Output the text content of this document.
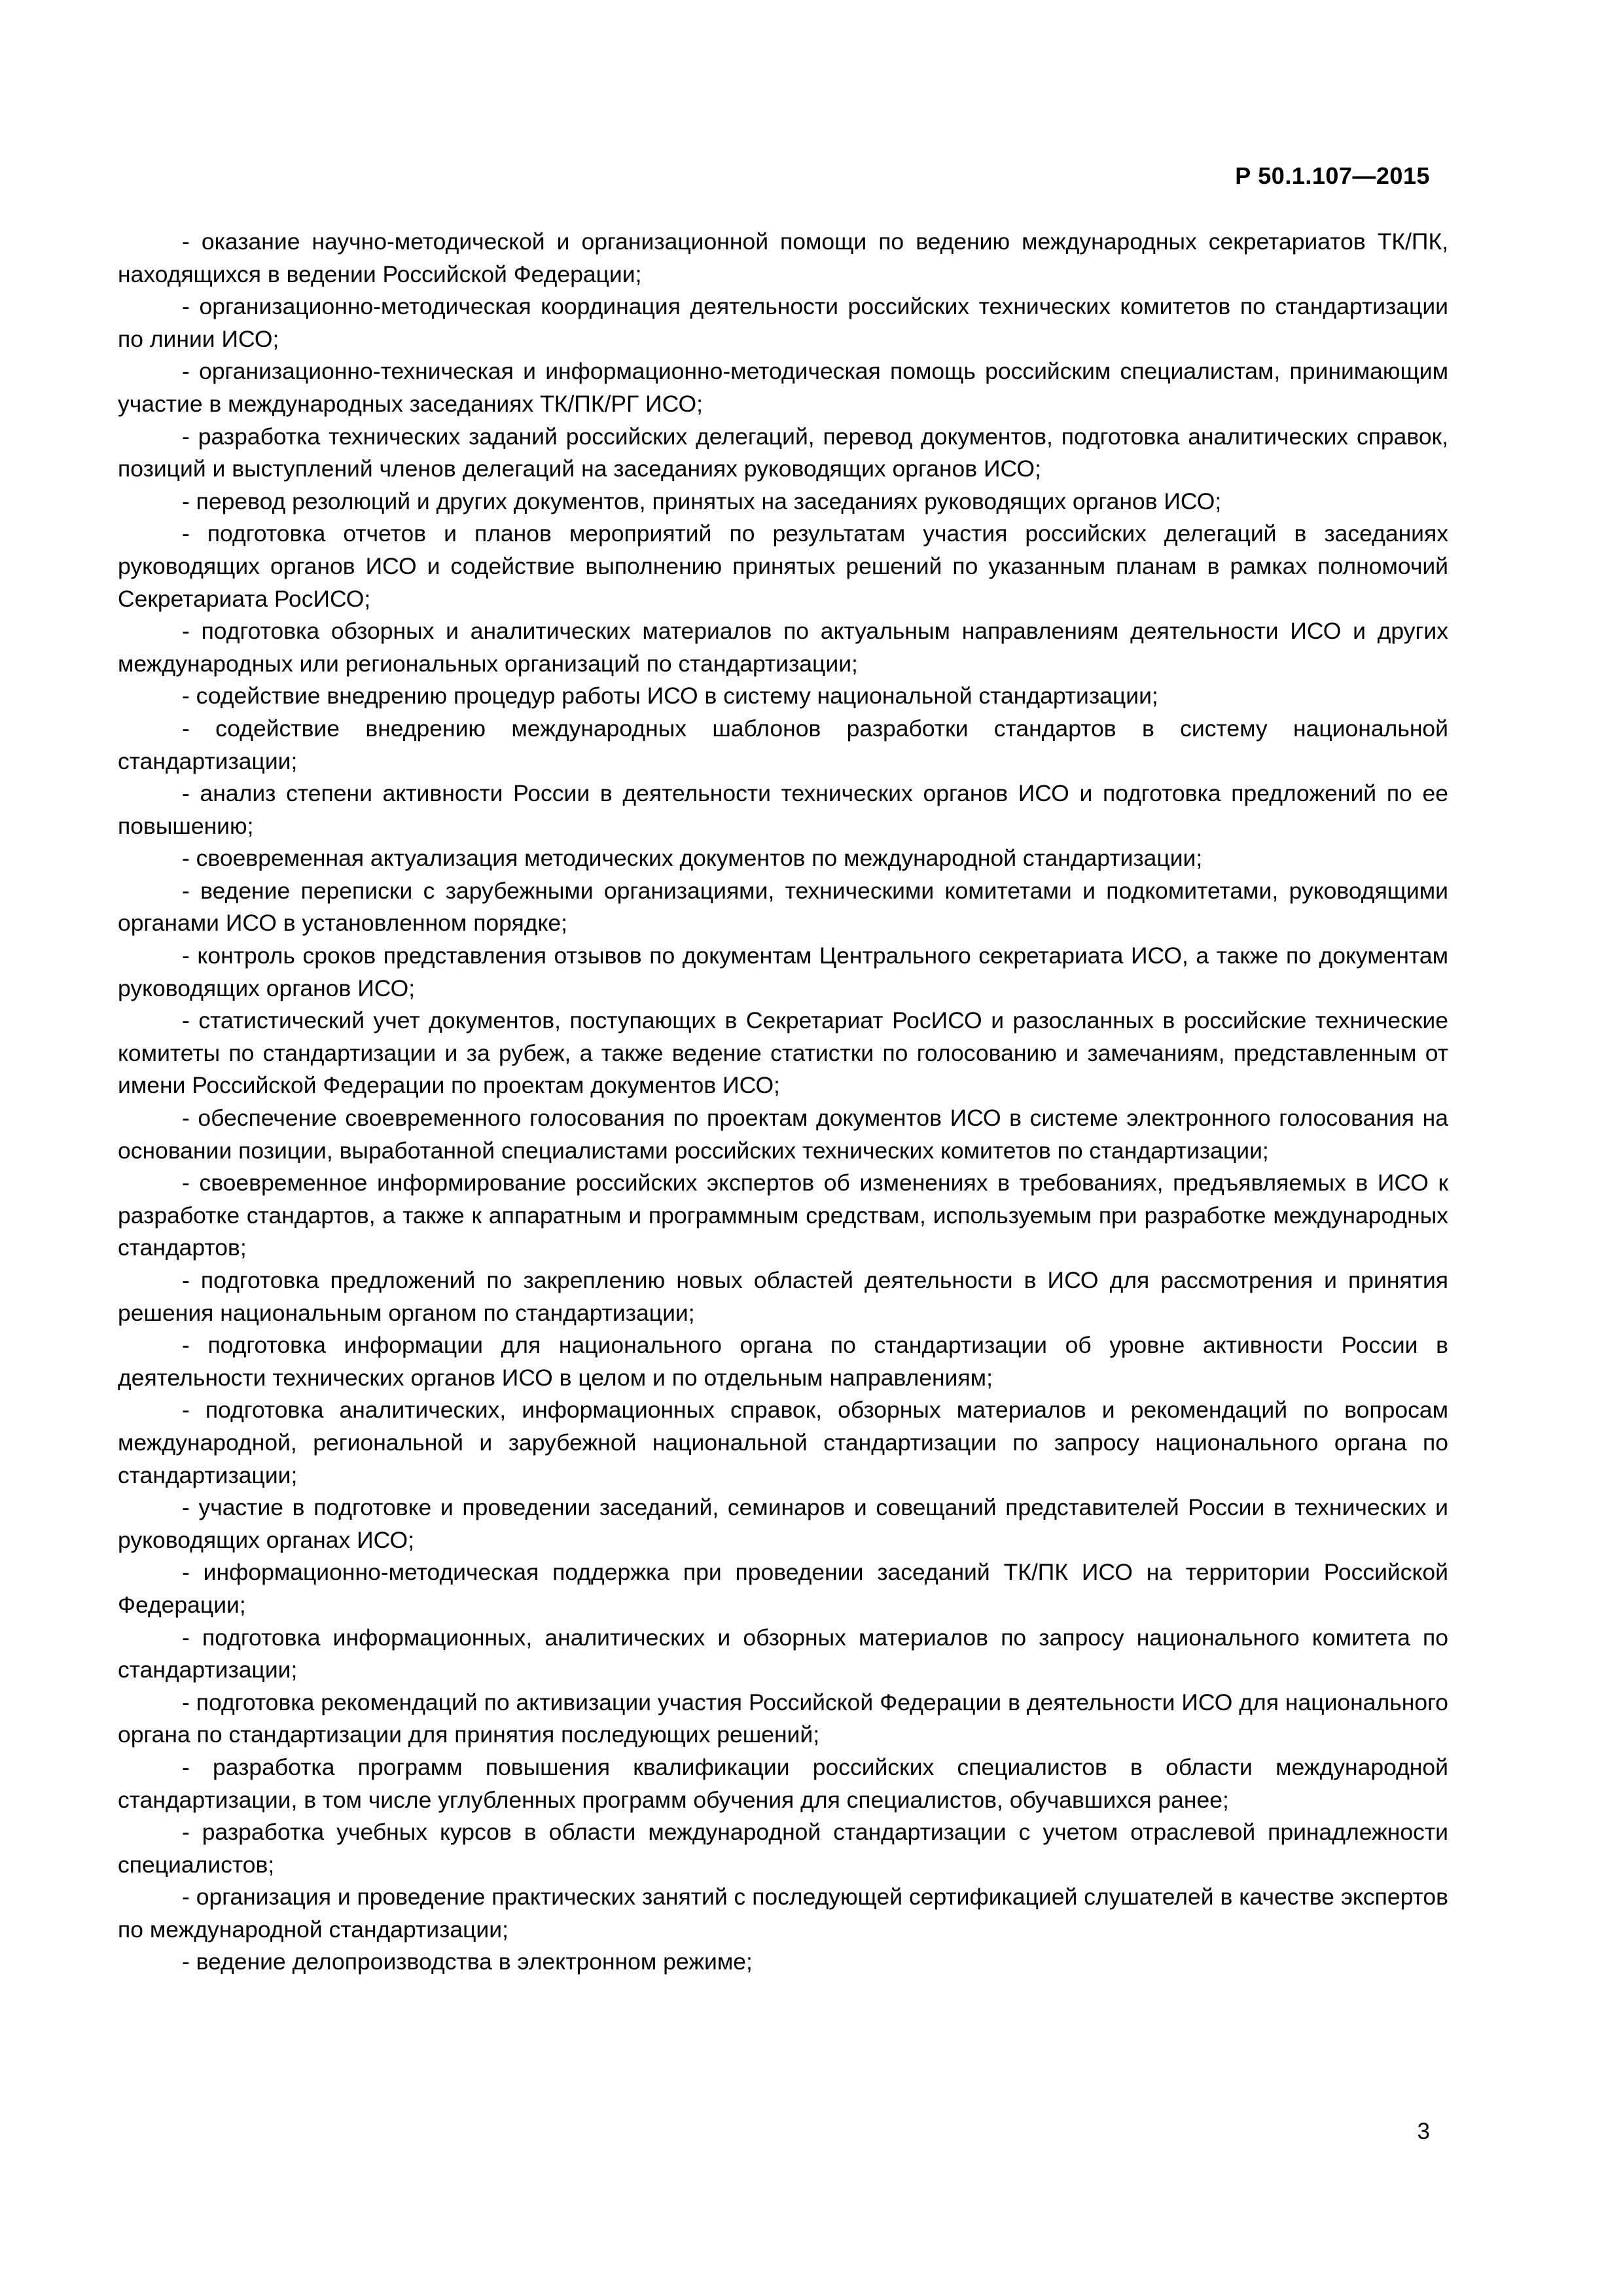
Р 50.1.107—2015
- оказание научно-методической и организационной помощи по ведению международных секретариатов ТК/ПК, находящихся в ведении Российской Федерации;
- организационно-методическая координация деятельности российских технических комитетов по стандартизации по линии ИСО;
- организационно-техническая и информационно-методическая помощь российским специалистам, принимающим участие в международных заседаниях ТК/ПК/РГ ИСО;
- разработка технических заданий российских делегаций, перевод документов, подготовка аналитических справок, позиций и выступлений членов делегаций на заседаниях руководящих органов ИСО;
- перевод резолюций и других документов, принятых на заседаниях руководящих органов ИСО;
- подготовка отчетов и планов мероприятий по результатам участия российских делегаций в заседаниях руководящих органов ИСО и содействие выполнению принятых решений по указанным планам в рамках полномочий Секретариата РосИСО;
- подготовка обзорных и аналитических материалов по актуальным направлениям деятельности ИСО и других международных или региональных организаций по стандартизации;
- содействие внедрению процедур работы ИСО в систему национальной стандартизации;
- содействие внедрению международных шаблонов разработки стандартов в систему национальной стандартизации;
- анализ степени активности России в деятельности технических органов ИСО и подготовка предложений по ее повышению;
- своевременная актуализация методических документов по международной стандартизации;
- ведение переписки с зарубежными организациями, техническими комитетами и подкомитетами, руководящими органами ИСО в установленном порядке;
- контроль сроков представления отзывов по документам Центрального секретариата ИСО, а также по документам руководящих органов ИСО;
- статистический учет документов, поступающих в Секретариат РосИСО и разосланных в российские технические комитеты по стандартизации и за рубеж, а также ведение статистки по голосованию и замечаниям, представленным от имени Российской Федерации по проектам документов ИСО;
- обеспечение своевременного голосования по проектам документов ИСО в системе электронного голосования на основании позиции, выработанной специалистами российских технических комитетов по стандартизации;
- своевременное информирование российских экспертов об изменениях в требованиях, предъявляемых в ИСО к разработке стандартов, а также к аппаратным и программным средствам, используемым при разработке международных стандартов;
- подготовка предложений по закреплению новых областей деятельности в ИСО для рассмотрения и принятия решения национальным органом по стандартизации;
- подготовка информации для национального органа по стандартизации об уровне активности России в деятельности технических органов ИСО в целом и по отдельным направлениям;
- подготовка аналитических, информационных справок, обзорных материалов и рекомендаций по вопросам международной, региональной и зарубежной национальной стандартизации по запросу национального органа по стандартизации;
- участие в подготовке и проведении заседаний, семинаров и совещаний представителей России в технических и руководящих органах ИСО;
- информационно-методическая поддержка при проведении заседаний ТК/ПК ИСО на территории Российской Федерации;
- подготовка информационных, аналитических и обзорных материалов по запросу национального комитета по стандартизации;
- подготовка рекомендаций по активизации участия Российской Федерации в деятельности ИСО для национального органа по стандартизации для принятия последующих решений;
- разработка программ повышения квалификации российских специалистов в области международной стандартизации, в том числе углубленных программ обучения для специалистов, обучавшихся ранее;
- разработка учебных курсов в области международной стандартизации с учетом отраслевой принадлежности специалистов;
- организация и проведение практических занятий с последующей сертификацией слушателей в качестве экспертов по международной стандартизации;
- ведение делопроизводства в электронном режиме;
3
